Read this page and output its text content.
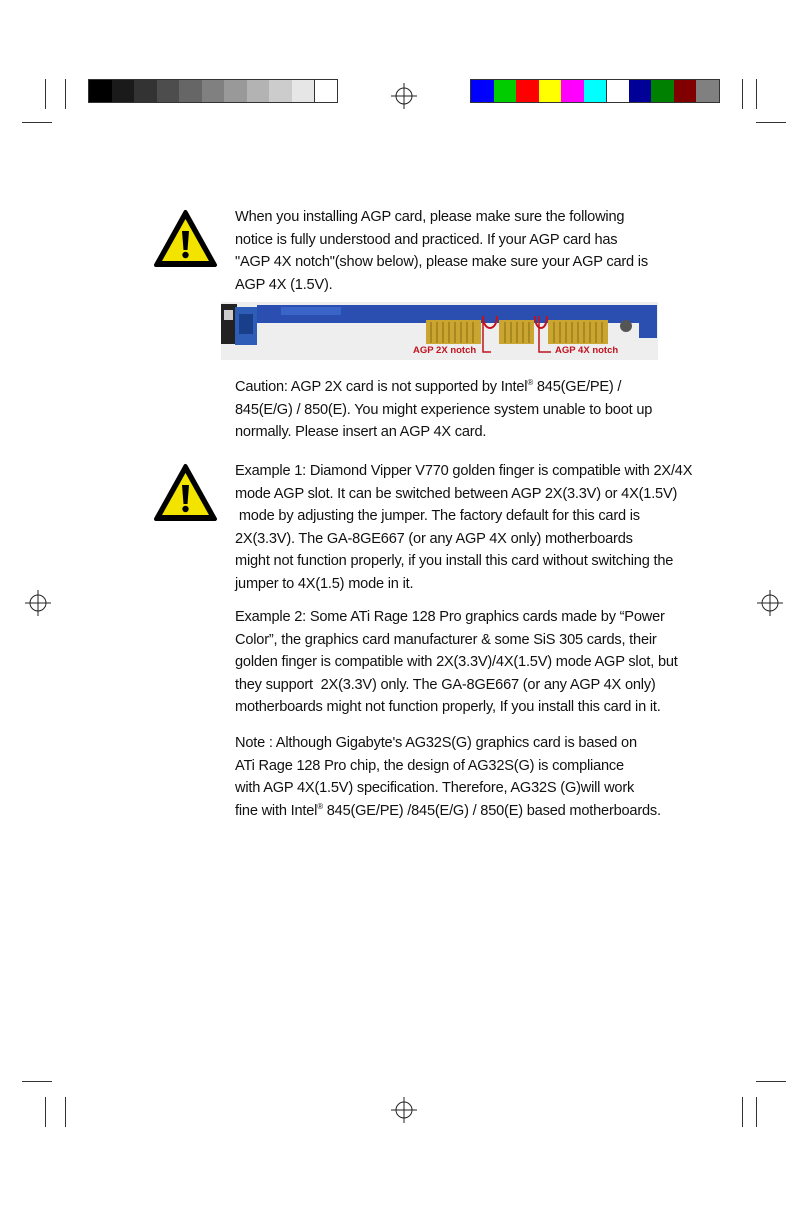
When you installing AGP card, please make sure the following

notice is fully understood and practiced. If your AGP card has

"AGP 4X notch"(show below), please make sure your AGP card is

AGP 4X (1.5V).

AGP 2X notch	AGP 4X notch

Caution: AGP 2X card is not supported by Intel® 845(GE/PE) /

845(E/G) / 850(E). You might experience system unable to boot up

normally. Please insert an AGP 4X card.

Example 1: Diamond Vipper V770 golden finger is compatible with 2X/4X

mode AGP slot. It can be switched between AGP 2X(3.3V) or 4X(1.5V)

mode by adjusting the jumper. The factory default for this card is

2X(3.3V). The GA-8GE667 (or any AGP 4X only) motherboards

might not function properly, if you install this card without switching the

jumper to 4X(1.5) mode in it.

Example 2: Some ATi Rage 128 Pro graphics cards made by “Power

Color”, the graphics card manufacturer & some SiS 305 cards, their

golden finger is compatible with 2X(3.3V)/4X(1.5V) mode AGP slot, but

they support  2X(3.3V) only. The GA-8GE667 (or any AGP 4X only)

motherboards might not function properly, If you install this card in it.

Note : Although Gigabyte's AG32S(G) graphics card is based on

ATi Rage 128 Pro chip, the design of AG32S(G) is compliance

with AGP 4X(1.5V) specification. Therefore, AG32S (G)will work

fine with Intel® 845(GE/PE) /845(E/G) / 850(E) based motherboards.
